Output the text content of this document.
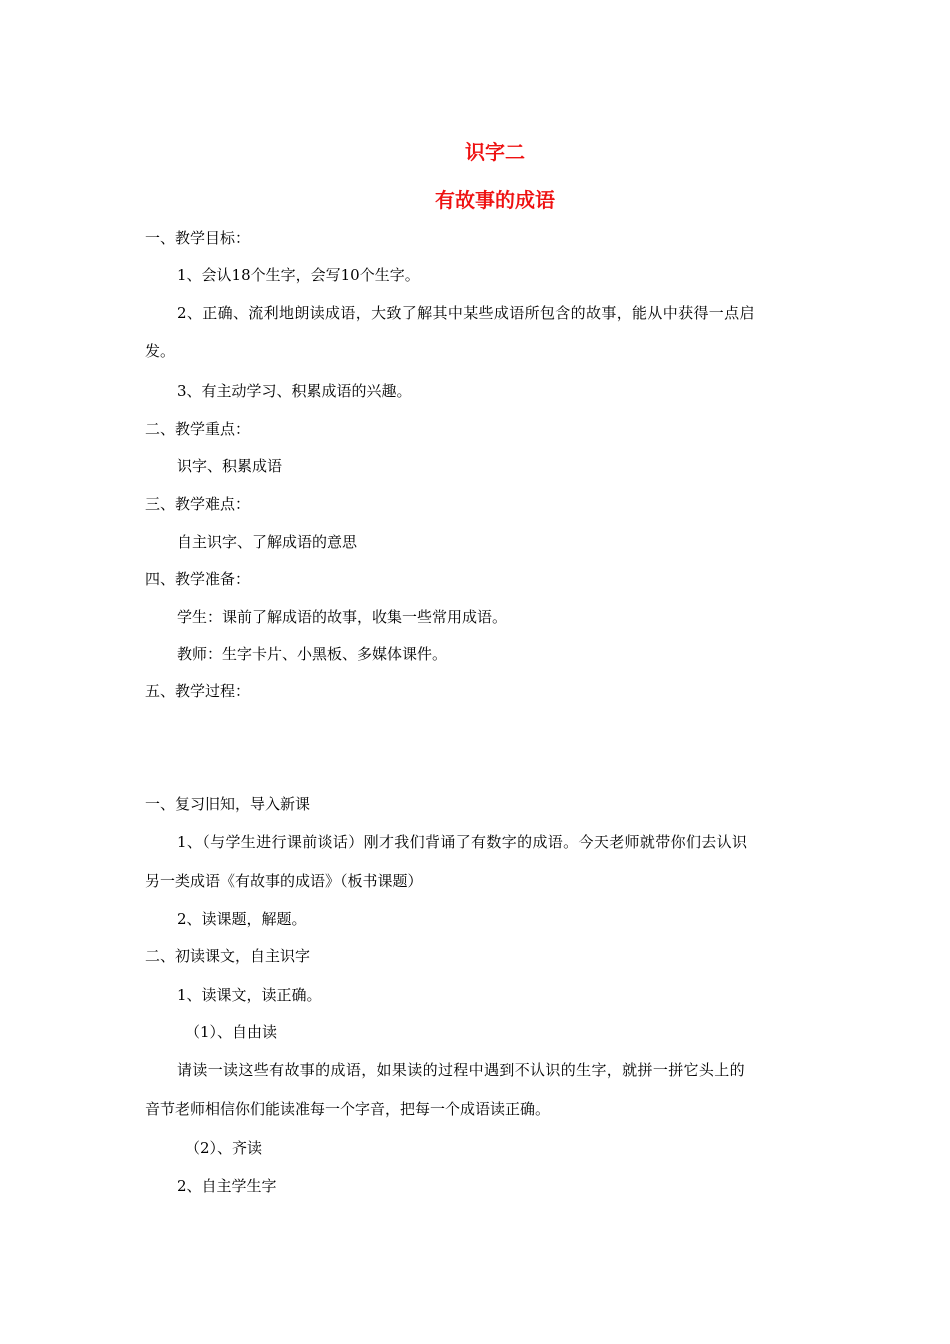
识字二
有故事的成语
一、教学目标：
1、会认18个生字，会写10个生字。
2、正确、流利地朗读成语，大致了解其中某些成语所包含的故事，能从中获得一点启
发。
3、有主动学习、积累成语的兴趣。
二、教学重点：
识字、积累成语
三、教学难点：
自主识字、了解成语的意思
四、教学准备：
学生：课前了解成语的故事，收集一些常用成语。
教师：生字卡片、小黑板、多媒体课件。
五、教学过程：
一、复习旧知，导入新课
1、（与学生进行课前谈话）刚才我们背诵了有数字的成语。今天老师就带你们去认识
另一类成语《有故事的成语》（板书课题）
2、读课题，解题。
二、初读课文，自主识字
1、读课文，读正确。
（1）、自由读
请读一读这些有故事的成语，如果读的过程中遇到不认识的生字，就拼一拼它头上的
音节老师相信你们能读准每一个字音，把每一个成语读正确。
（2）、齐读
2、自主学生字
